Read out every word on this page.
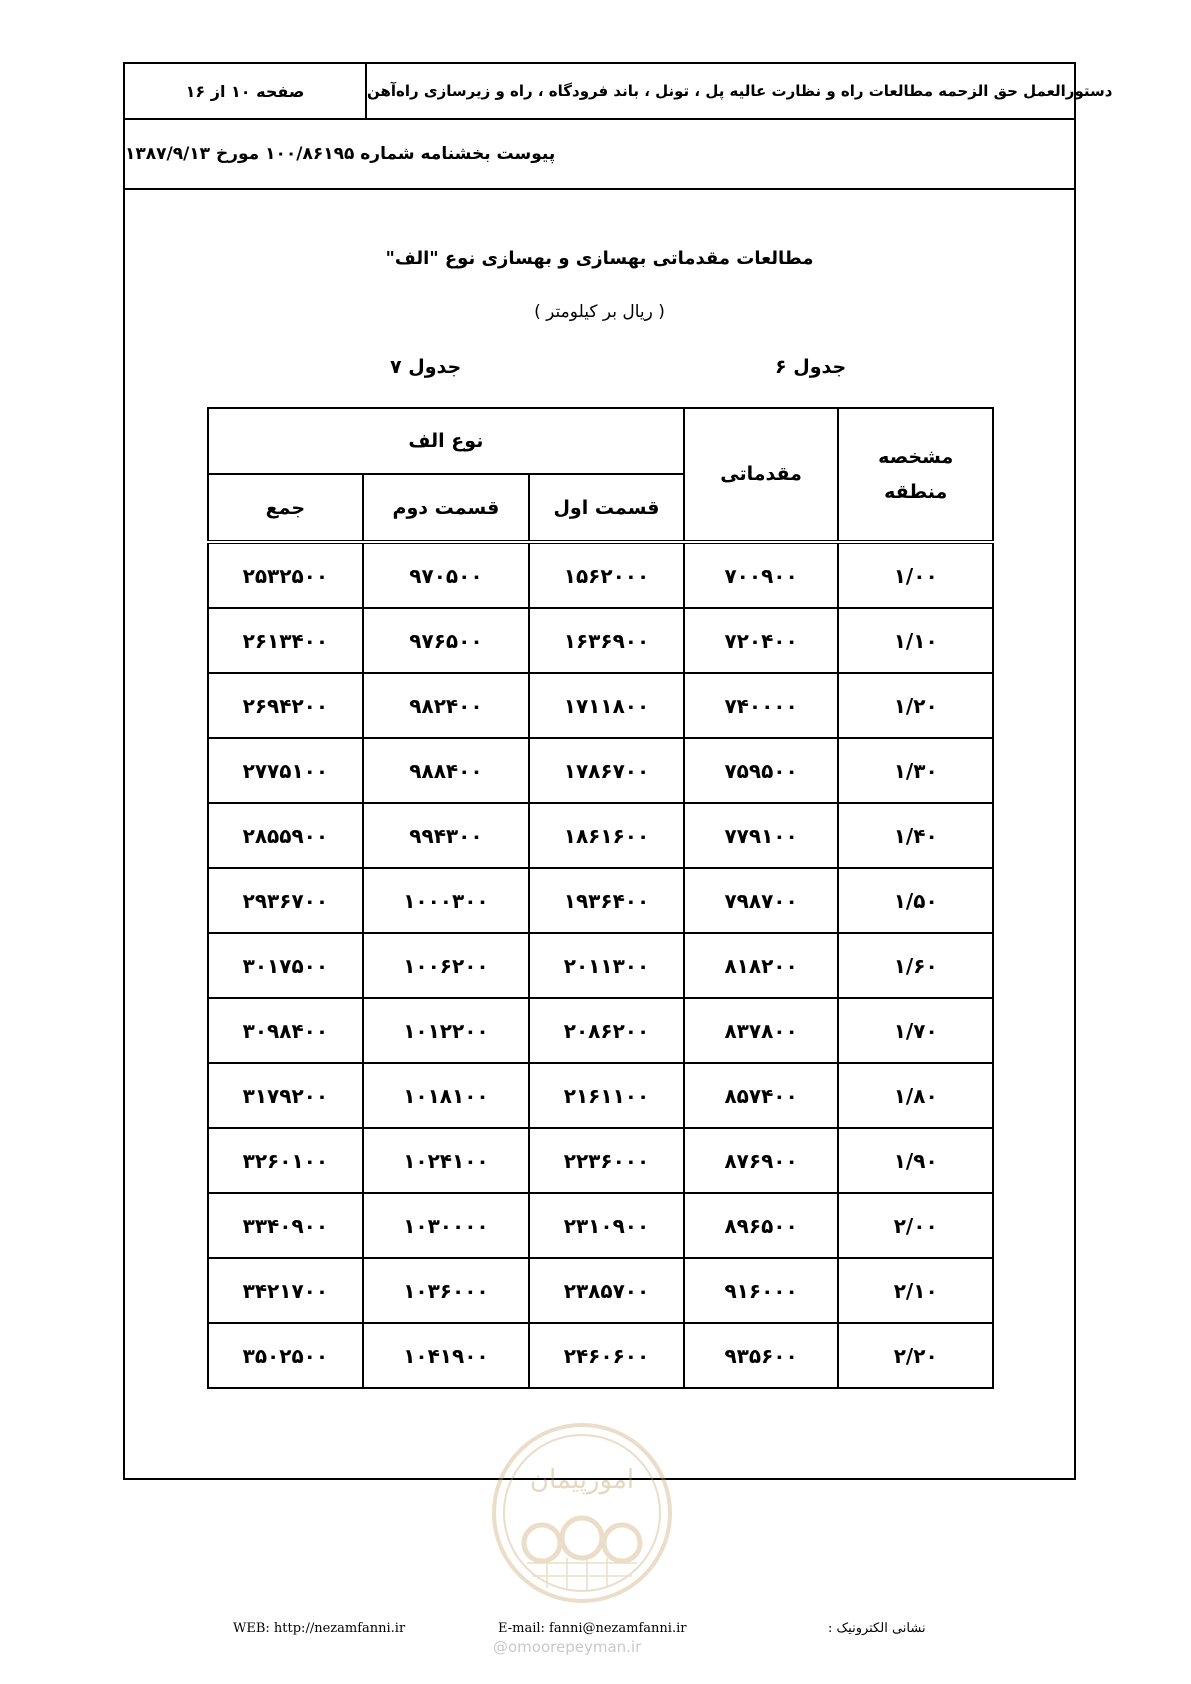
صفحه ۱۰ از ۱۶	دستورالعمل حق الزحمه مطالعات راه و نظارت عالیه پل ، تونل ، باند فرودگاه ، راه و زیرسازی راه‌آهن
پیوست بخشنامه شماره ۱۰۰/۸۶۱۹۵ مورخ ۱۳۸۷/۹/۱۳
مطالعات مقدماتی بهسازی و بهسازی نوع "الف"
( ریال بر کیلومتر )
جدول ۶
جدول ۷
مشخصه
منطقه	مقدماتی	نوع الف		
		قسمت اول	قسمت دوم	جمع
۱/۰۰	۷۰۰۹۰۰	۱۵۶۲۰۰۰	۹۷۰۵۰۰	۲۵۳۲۵۰۰
۱/۱۰	۷۲۰۴۰۰	۱۶۳۶۹۰۰	۹۷۶۵۰۰	۲۶۱۳۴۰۰
۱/۲۰	۷۴۰۰۰۰	۱۷۱۱۸۰۰	۹۸۲۴۰۰	۲۶۹۴۲۰۰
۱/۳۰	۷۵۹۵۰۰	۱۷۸۶۷۰۰	۹۸۸۴۰۰	۲۷۷۵۱۰۰
۱/۴۰	۷۷۹۱۰۰	۱۸۶۱۶۰۰	۹۹۴۳۰۰	۲۸۵۵۹۰۰
۱/۵۰	۷۹۸۷۰۰	۱۹۳۶۴۰۰	۱۰۰۰۳۰۰	۲۹۳۶۷۰۰
۱/۶۰	۸۱۸۲۰۰	۲۰۱۱۳۰۰	۱۰۰۶۲۰۰	۳۰۱۷۵۰۰
۱/۷۰	۸۳۷۸۰۰	۲۰۸۶۲۰۰	۱۰۱۲۲۰۰	۳۰۹۸۴۰۰
۱/۸۰	۸۵۷۴۰۰	۲۱۶۱۱۰۰	۱۰۱۸۱۰۰	۳۱۷۹۲۰۰
۱/۹۰	۸۷۶۹۰۰	۲۲۳۶۰۰۰	۱۰۲۴۱۰۰	۳۲۶۰۱۰۰
۲/۰۰	۸۹۶۵۰۰	۲۳۱۰۹۰۰	۱۰۳۰۰۰۰	۳۳۴۰۹۰۰
۲/۱۰	۹۱۶۰۰۰	۲۳۸۵۷۰۰	۱۰۳۶۰۰۰	۳۴۲۱۷۰۰
۲/۲۰	۹۳۵۶۰۰	۲۴۶۰۶۰۰	۱۰۴۱۹۰۰	۳۵۰۲۵۰۰
امورپیمان
WEB: http://nezamfanni.ir	E-mail: fanni@nezamfanni.ir	نشانی الکترونیک :
@omoorepeyman.ir
